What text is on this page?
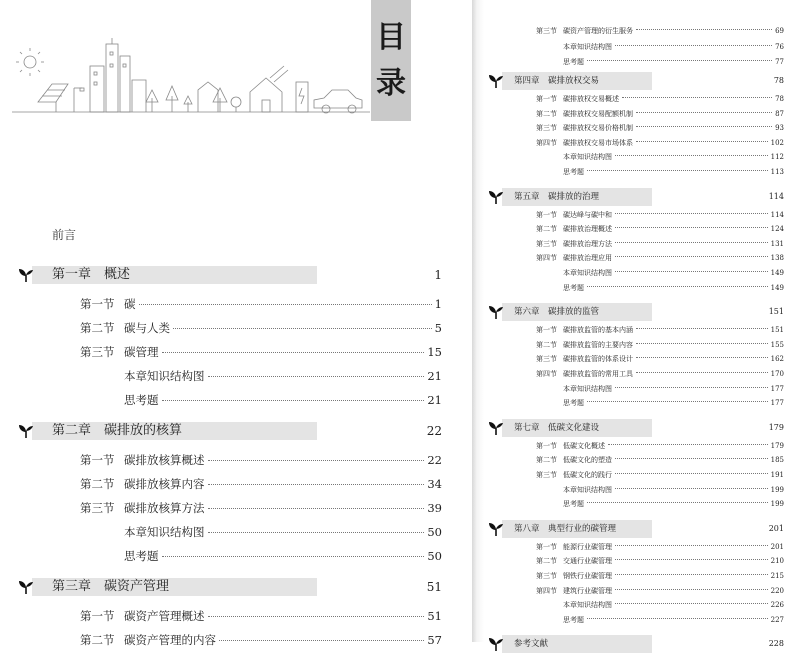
目
录
前言
第一章　概述	1
第一节 碳	1
第二节 碳与人类	5
第三节 碳管理	15
本章知识结构图	21
思考题	21
第二章　碳排放的核算	22
第一节 碳排放核算概述	22
第二节 碳排放核算内容	34
第三节 碳排放核算方法	39
本章知识结构图	50
思考题	50
第三章　碳资产管理	51
第一节 碳资产管理概述	51
第二节 碳资产管理的内容	57
第三节 碳资产管理的衍生服务	69
本章知识结构图	76
思考题	77
第四章　碳排放权交易	78
第一节 碳排放权交易概述	78
第二节 碳排放权交易配额机制	87
第三节 碳排放权交易价格机制	93
第四节 碳排放权交易市场体系	102
本章知识结构图	112
思考题	113
第五章　碳排放的治理	114
第一节 碳达峰与碳中和	114
第二节 碳排放治理概述	124
第三节 碳排放治理方法	131
第四节 碳排放治理应用	138
本章知识结构图	149
思考题	149
第六章　碳排放的监管	151
第一节 碳排放监管的基本内涵	151
第二节 碳排放监管的主要内容	155
第三节 碳排放监管的体系设计	162
第四节 碳排放监管的常用工具	170
本章知识结构图	177
思考题	177
第七章　低碳文化建设	179
第一节 低碳文化概述	179
第二节 低碳文化的塑造	185
第三节 低碳文化的践行	191
本章知识结构图	199
思考题	199
第八章　典型行业的碳管理	201
第一节 能源行业碳管理	201
第二节 交通行业碳管理	210
第三节 钢铁行业碳管理	215
第四节 建筑行业碳管理	220
本章知识结构图	226
思考题	227
参考文献	228
